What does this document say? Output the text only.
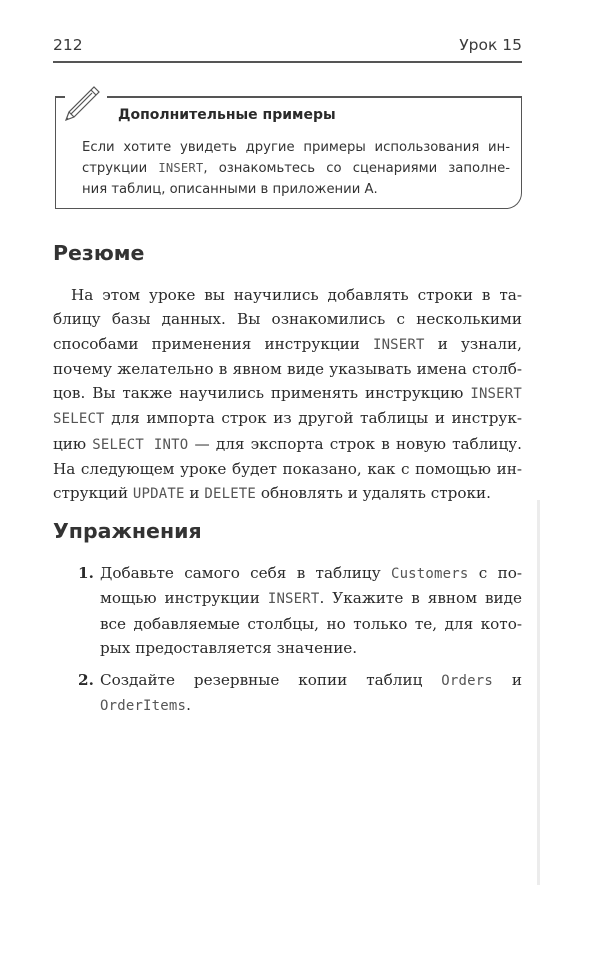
212	Урок 15
Дополнительные примеры
Если хотите увидеть другие примеры использования ин-
струкции INSERT, ознакомьтесь со сценариями заполне-
ния таблиц, описанными в приложении А.
Резюме
На этом уроке вы научились добавлять строки в та-
блицу базы данных. Вы ознакомились с несколькими
способами применения инструкции INSERT и узнали,
почему желательно в явном виде указывать имена столб-
цов. Вы также научились применять инструкцию INSERT
SELECT для импорта строк из другой таблицы и инструк-
цию SELECT INTO — для экспорта строк в новую таблицу.
На следующем уроке будет показано, как с помощью ин-
струкций UPDATE и DELETE обновлять и удалять строки.
Упражнения
1. Добавьте самого себя в таблицу Customers с по-
мощью инструкции INSERT. Укажите в явном виде
все добавляемые столбцы, но только те, для кото-
рых предоставляется значение.
2. Создайте резервные копии таблиц Orders и
OrderItems.
